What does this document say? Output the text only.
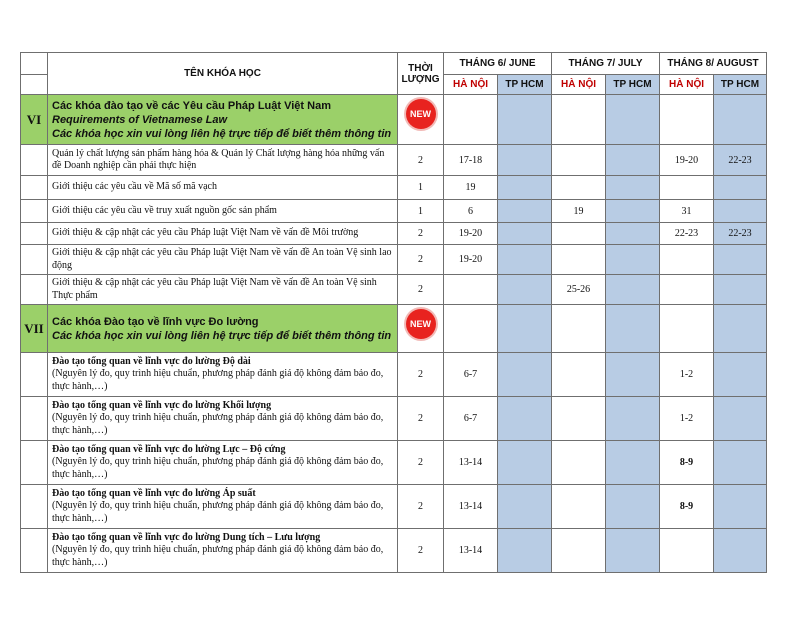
	TÊN KHÓA HỌC	THỜI
LƯỢNG	THÁNG 6/ JUNE		THÁNG 7/ JULY		THÁNG 8/ AUGUST	
			HÀ NỘI	TP HCM	HÀ NỘI	TP HCM	HÀ NỘI	TP HCM
VI	Các khóa đào tạo về các Yêu cầu Pháp Luật Việt Nam
Requirements of Vietnamese Law
Các khóa học xin vui lòng liên hệ trực tiếp để biết thêm thông tin	NEW						
	Quản lý chất lượng sản phẩm hàng hóa & Quản lý Chất lượng hàng hóa những vấn đề Doanh nghiệp cần phải thực hiện	2	17-18				19-20	22-23
	Giới thiệu các yêu cầu về Mã số mã vạch	1	19					
	Giới thiệu các yêu cầu về truy xuất nguồn gốc sản phẩm	1	6		19		31	
	Giới thiệu & cập nhật các yêu cầu Pháp luật Việt Nam về vấn đề Môi trường	2	19-20				22-23	22-23
	Giới thiệu & cập nhật các yêu cầu Pháp luật Việt Nam về vấn đề An toàn Vệ sinh lao động	2	19-20					
	Giới thiệu & cập nhật các yêu cầu Pháp luật Việt Nam về vấn đề An toàn Vệ sinh Thực phẩm	2			25-26			
VII	Các khóa Đào tạo về lĩnh vực Đo lường
Các khóa học xin vui lòng liên hệ trực tiếp để biết thêm thông tin	NEW						
	Đào tạo tổng quan về lĩnh vực đo lường Độ dài
(Nguyên lý đo, quy trình hiệu chuẩn, phương pháp đánh giá độ không đảm bảo đo, thực hành,…)	2	6-7				1-2	
	Đào tạo tổng quan về lĩnh vực đo lường Khối lượng
(Nguyên lý đo, quy trình hiệu chuẩn, phương pháp đánh giá độ không đảm bảo đo, thực hành,…)	2	6-7				1-2	
	Đào tạo tổng quan về lĩnh vực đo lường Lực – Độ cứng
(Nguyên lý đo, quy trình hiệu chuẩn, phương pháp đánh giá độ không đảm bảo đo, thực hành,…)	2	13-14				8-9	
	Đào tạo tổng quan về lĩnh vực đo lường Áp suất
(Nguyên lý đo, quy trình hiệu chuẩn, phương pháp đánh giá độ không đảm bảo đo, thực hành,…)	2	13-14				8-9	
	Đào tạo tổng quan về lĩnh vực đo lường Dung tích – Lưu lượng
(Nguyên lý đo, quy trình hiệu chuẩn, phương pháp đánh giá độ không đảm bảo đo, thực hành,…)	2	13-14					
